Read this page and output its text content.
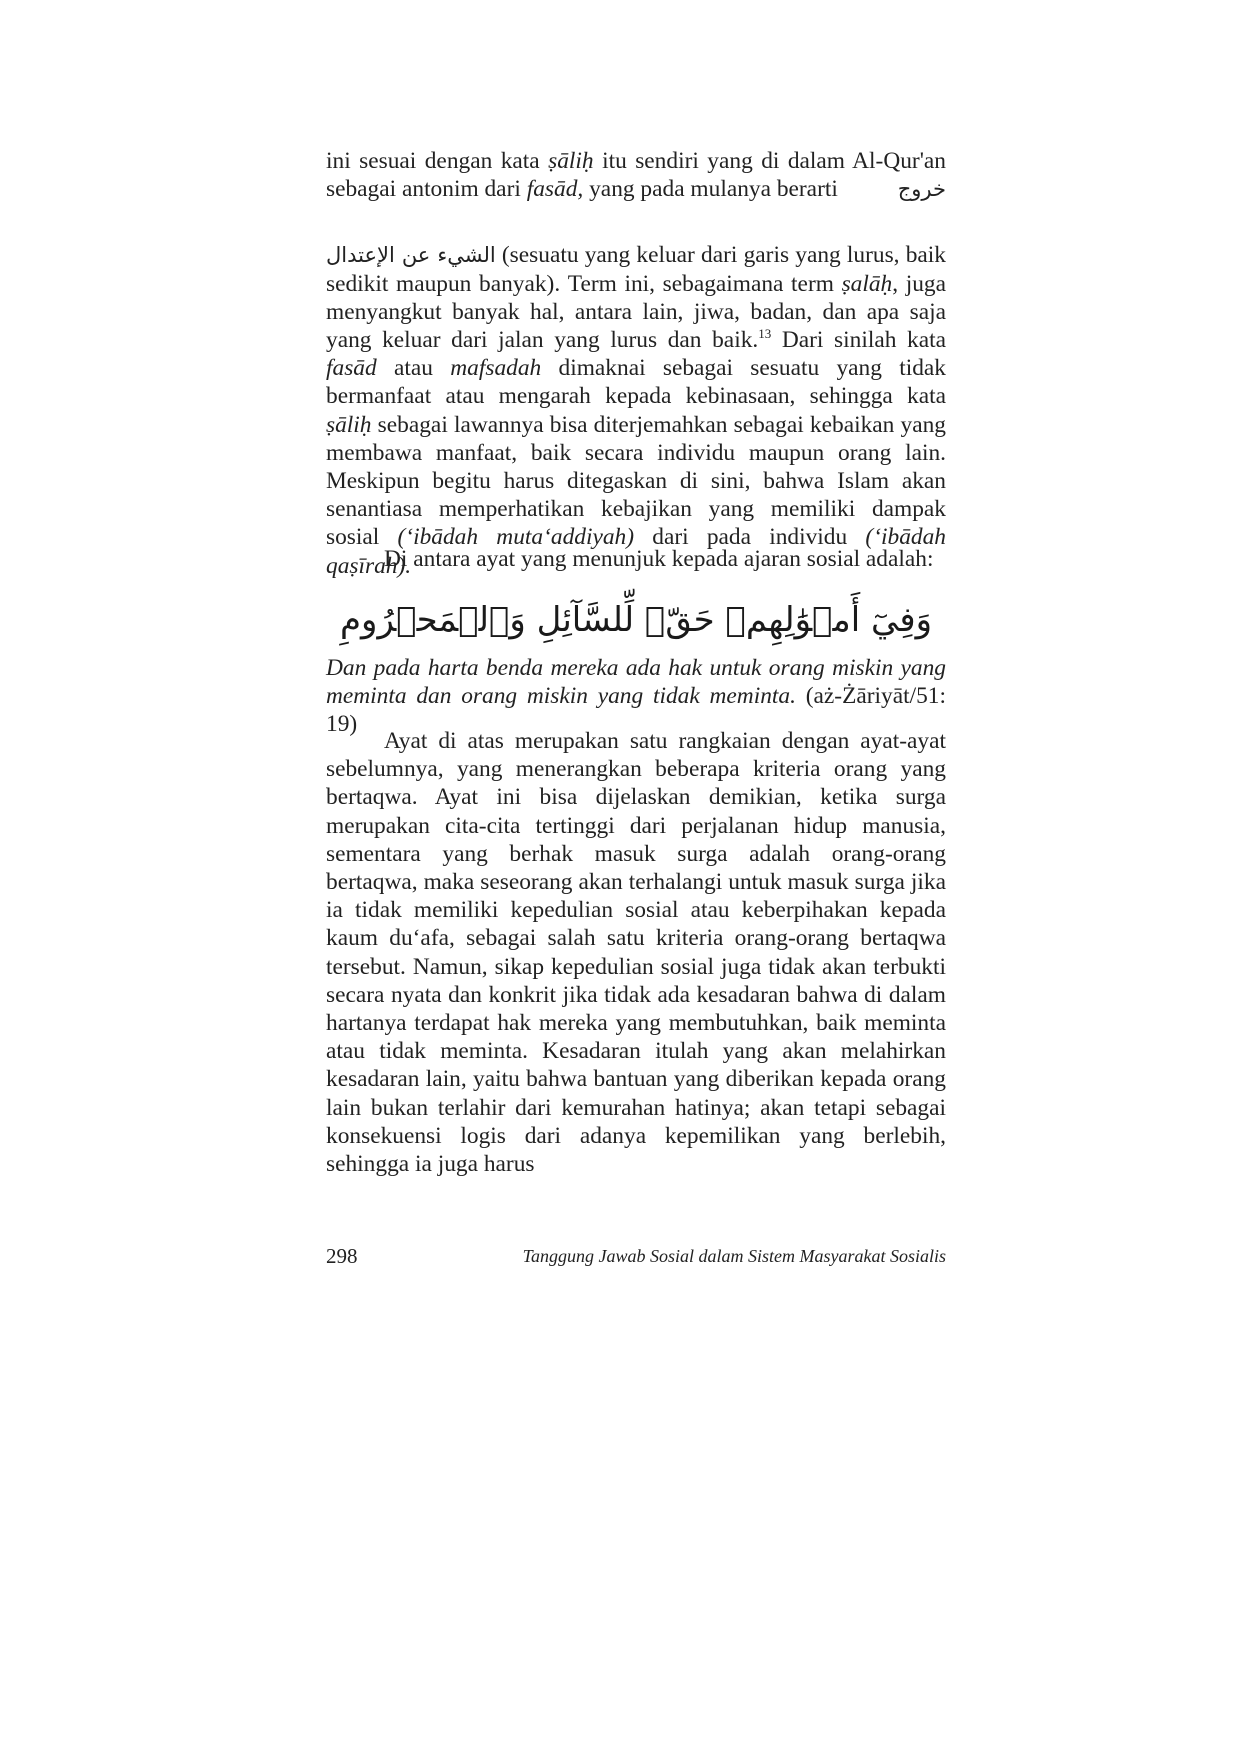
ini sesuai dengan kata ṣāliḥ itu sendiri yang di dalam Al-Qur'an sebagai antonim dari fasād, yang pada mulanya berarti	خروج

الشيء عن الإعتدال (sesuatu yang keluar dari garis yang lurus, baik sedikit maupun banyak). Term ini, sebagaimana term ṣalāḥ, juga menyangkut banyak hal, antara lain, jiwa, badan, dan apa saja yang keluar dari jalan yang lurus dan baik.$^{13}$ Dari sinilah kata fasād atau mafsadah dimaknai sebagai sesuatu yang tidak bermanfaat atau mengarah kepada kebinasaan, sehingga kata ṣāliḥ sebagai lawannya bisa diterjemahkan sebagai kebaikan yang membawa manfaat, baik secara individu maupun orang lain. Meskipun begitu harus ditegaskan di sini, bahwa Islam akan senantiasa memperhatikan kebajikan yang memiliki dampak sosial (‘ibādah muta‘addiyah) dari pada individu (‘ibādah qaṣīrah).
Di antara ayat yang menunjuk kepada ajaran sosial adalah:
وَفِيٓ أَمۡوَٰلِهِمۡ حَقّٞ لِّلسَّآئِلِ وَٱلۡمَحۡرُومِ
Dan pada harta benda mereka ada hak untuk orang miskin yang meminta dan orang miskin yang tidak meminta. (aż-Żāriyāt/51: 19)
Ayat di atas merupakan satu rangkaian dengan ayat-ayat sebelumnya, yang menerangkan beberapa kriteria orang yang bertaqwa. Ayat ini bisa dijelaskan demikian, ketika surga merupakan cita-cita tertinggi dari perjalanan hidup manusia, sementara yang berhak masuk surga adalah orang-orang bertaqwa, maka seseorang akan terhalangi untuk masuk surga jika ia tidak memiliki kepedulian sosial atau keberpihakan kepada kaum du‘afa, sebagai salah satu kriteria orang-orang bertaqwa tersebut. Namun, sikap kepedulian sosial juga tidak akan terbukti secara nyata dan konkrit jika tidak ada kesadaran bahwa di dalam hartanya terdapat hak mereka yang membutuhkan, baik meminta atau tidak meminta. Kesadaran itulah yang akan melahirkan kesadaran lain, yaitu bahwa bantuan yang diberikan kepada orang lain bukan terlahir dari kemurahan hatinya; akan tetapi sebagai konsekuensi logis dari adanya kepemilikan yang berlebih, sehingga ia juga harus
298	Tanggung Jawab Sosial dalam Sistem Masyarakat Sosialis
